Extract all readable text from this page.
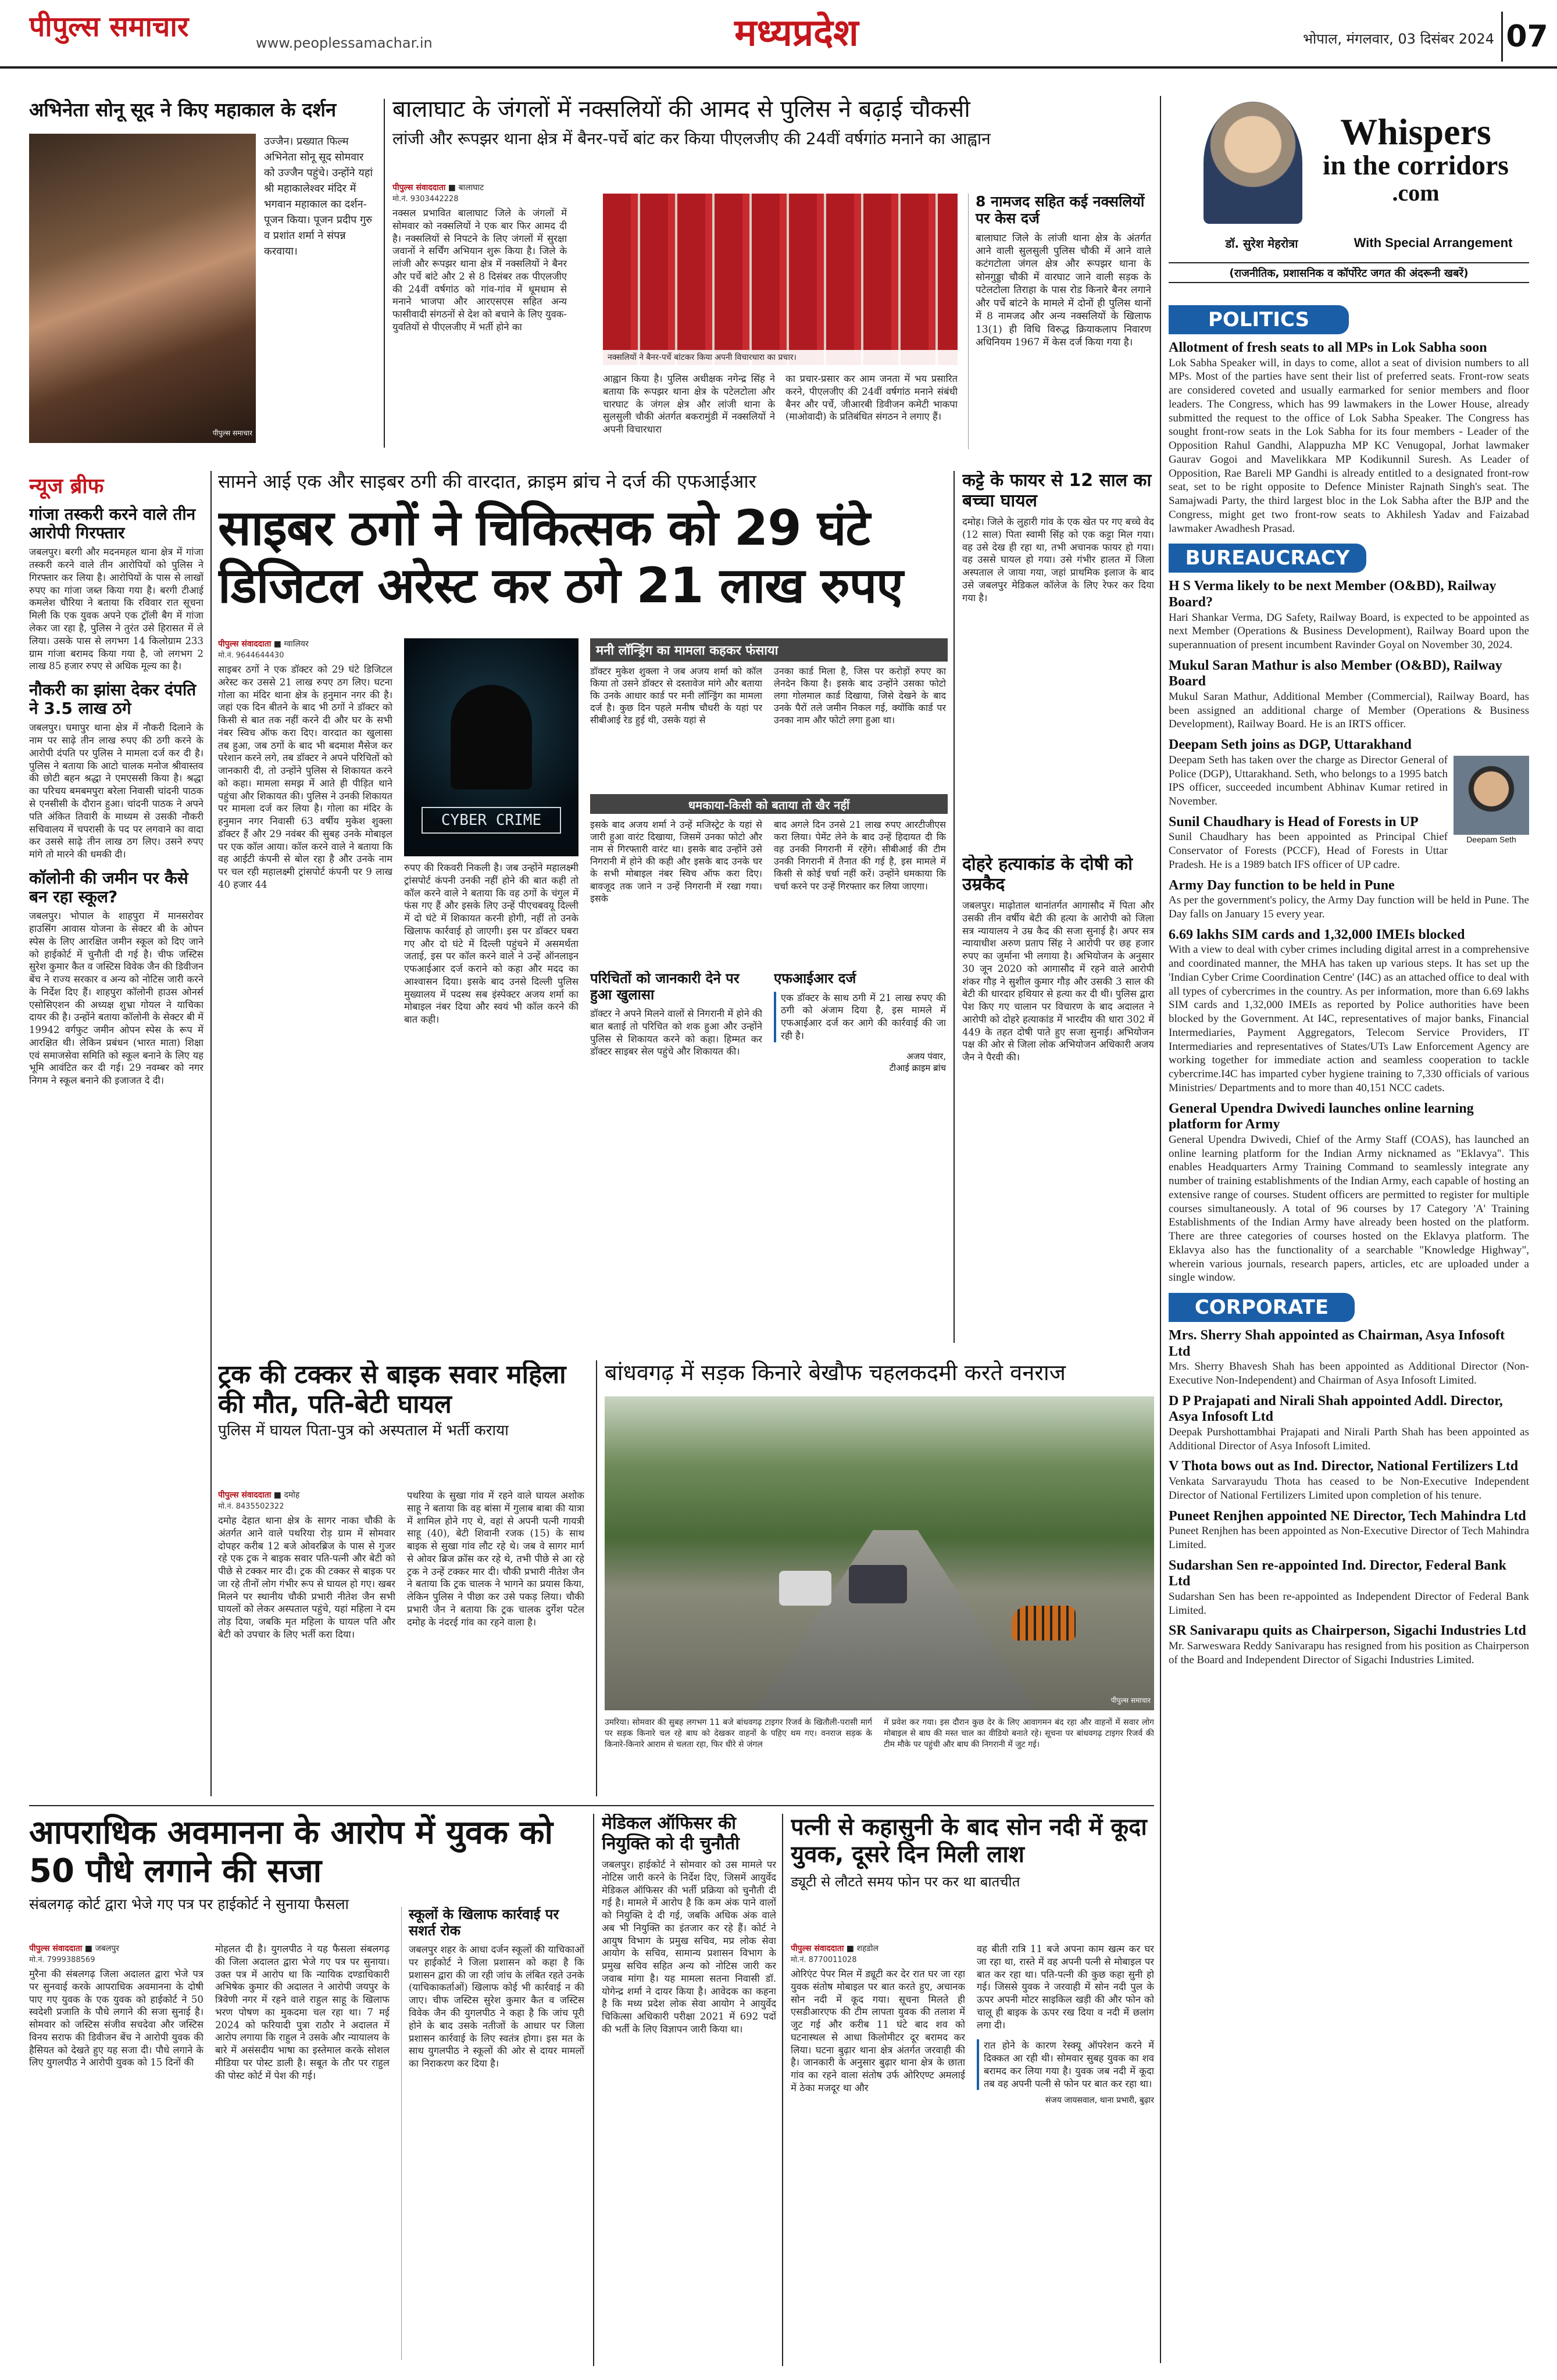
पीपुल्स समाचार	www.peoplessamachar.in	मध्यप्रदेश	भोपाल, मंगलवार, 03 दिसंबर 2024 07
अभिनेता सोनू सूद ने किए महाकाल के दर्शन
पीपुल्स समाचार
उज्जैन। प्रख्यात फिल्म अभिनेता सोनू सूद सोमवार को उज्जैन पहुंचे। उन्होंने यहां श्री महाकालेश्वर मंदिर में भगवान महाकाल का दर्शन-पूजन किया। पूजन प्रदीप गुरु व प्रशांत शर्मा ने संपन्न करवाया।
बालाघाट के जंगलों में नक्सलियों की आमद से पुलिस ने बढ़ाई चौकसी
लांजी और रूपझर थाना क्षेत्र में बैनर-पर्चे बांट कर किया पीएलजीए की 24वीं वर्षगांठ मनाने का आह्वान
पीपुल्स संवाददाता ■ बालाघाट
मो.नं. 9303442228
नक्सल प्रभावित बालाघाट जिले के जंगलों में सोमवार को नक्सलियों ने एक बार फिर आमद दी है। नक्सलियों से निपटने के लिए जंगलों में सुरक्षा जवानों ने सर्चिंग अभियान शुरू किया है। जिले के लांजी और रूपझर थाना क्षेत्र में नक्सलियों ने बैनर और पर्चे बांटे और 2 से 8 दिसंबर तक पीएलजीए की 24वीं वर्षगांठ को गांव-गांव में धूमधाम से मनाने भाजपा और आरएसएस सहित अन्य फासीवादी संगठनों से देश को बचाने के लिए युवक-युवतियों से पीएलजीए में भर्ती होने का
नक्सलियों ने बैनर-पर्चे बांटकर किया अपनी विचारधारा का प्रचार।
आह्वान किया है। पुलिस अधीक्षक नगेन्द्र सिंह ने बताया कि रूपझर थाना क्षेत्र के पटेलटोला और चारघाट के जंगल क्षेत्र और लांजी थाना के सुलसुली चौकी अंतर्गत बकरामुंडी में नक्सलियों ने अपनी विचारधारा
का प्रचार-प्रसार कर आम जनता में भय प्रसारित करने, पीएलजीए की 24वीं वर्षगांठ मनाने संबंधी बैनर और पर्चे, जीआरबी डिवीजन कमेटी भाकपा (माओवादी) के प्रतिबंधित संगठन ने लगाए हैं।
8 नामजद सहित कई नक्सलियों पर केस दर्ज
बालाघाट जिले के लांजी थाना क्षेत्र के अंतर्गत आने वाली सुलसुली पुलिस चौकी में आने वाले कटंगटोला जंगल क्षेत्र और रूपझर थाना के सोनगुड्डा चौकी में वारघाट जाने वाली सड़क के पटेलटोला तिराहा के पास रोड किनारे बैनर लगाने और पर्चे बांटने के मामले में दोनों ही पुलिस थानों में 8 नामजद और अन्य नक्सलियों के खिलाफ 13(1) ही विधि विरुद्ध क्रियाकलाप निवारण अधिनियम 1967 में केस दर्ज किया गया है।
Whispers
in the corridors
.com
डॉ. सुरेश मेहरोत्रा	With Special Arrangement
(राजनीतिक, प्रशासनिक व कॉर्पोरेट जगत की अंदरूनी खबरें)
POLITICS
Allotment of fresh seats to all MPs in Lok Sabha soon
Lok Sabha Speaker will, in days to come, allot a seat of division numbers to all MPs. Most of the parties have sent their list of preferred seats. Front-row seats are considered coveted and usually earmarked for senior members and floor leaders. The Congress, which has 99 lawmakers in the Lower House, already submitted the request to the office of Lok Sabha Speaker. The Congress has sought front-row seats in the Lok Sabha for its four members - Leader of the Opposition Rahul Gandhi, Alappuzha MP KC Venugopal, Jorhat lawmaker Gaurav Gogoi and Mavelikkara MP Kodikunnil Suresh. As Leader of Opposition, Rae Bareli MP Gandhi is already entitled to a designated front-row seat, set to be right opposite to Defence Minister Rajnath Singh's seat. The Samajwadi Party, the third largest bloc in the Lok Sabha after the BJP and the Congress, might get two front-row seats to Akhilesh Yadav and Faizabad lawmaker Awadhesh Prasad.
BUREAUCRACY
H S Verma likely to be next Member (O&BD), Railway Board?
Hari Shankar Verma, DG Safety, Railway Board, is expected to be appointed as next Member (Operations & Business Development), Railway Board upon the superannuation of present incumbent Ravinder Goyal on November 30, 2024.
Mukul Saran Mathur is also Member (O&BD), Railway Board
Mukul Saran Mathur, Additional Member (Commercial), Railway Board, has been assigned an additional charge of Member (Operations & Business Development), Railway Board. He is an IRTS officer.
Deepam Seth joins as DGP, Uttarakhand
Deepam Seth
Deepam Seth has taken over the charge as Director General of Police (DGP), Uttarakhand. Seth, who belongs to a 1995 batch IPS officer, succeeded incumbent Abhinav Kumar retired in November.
Sunil Chaudhary is Head of Forests in UP
Sunil Chaudhary has been appointed as Principal Chief Conservator of Forests (PCCF), Head of Forests in Uttar Pradesh. He is a 1989 batch IFS officer of UP cadre.
Army Day function to be held in Pune
As per the government's policy, the Army Day function will be held in Pune. The Day falls on January 15 every year.
6.69 lakhs SIM cards and 1,32,000 IMEIs blocked
With a view to deal with cyber crimes including digital arrest in a comprehensive and coordinated manner, the MHA has taken up various steps. It has set up the 'Indian Cyber Crime Coordination Centre' (I4C) as an attached office to deal with all types of cybercrimes in the country. As per information, more than 6.69 lakhs SIM cards and 1,32,000 IMEIs as reported by Police authorities have been blocked by the Government. At I4C, representatives of major banks, Financial Intermediaries, Payment Aggregators, Telecom Service Providers, IT Intermediaries and representatives of States/UTs Law Enforcement Agency are working together for immediate action and seamless cooperation to tackle cybercrime.I4C has imparted cyber hygiene training to 7,330 officials of various Ministries/ Departments and to more than 40,151 NCC cadets.
General Upendra Dwivedi launches online learning platform for Army
General Upendra Dwivedi, Chief of the Army Staff (COAS), has launched an online learning platform for the Indian Army nicknamed as "Eklavya". This enables Headquarters Army Training Command to seamlessly integrate any number of training establishments of the Indian Army, each capable of hosting an extensive range of courses. Student officers are permitted to register for multiple courses simultaneously. A total of 96 courses by 17 Category 'A' Training Establishments of the Indian Army have already been hosted on the platform. There are three categories of courses hosted on the Eklavya platform. The Eklavya also has the functionality of a searchable "Knowledge Highway", wherein various journals, research papers, articles, etc are uploaded under a single window.
CORPORATE
Mrs. Sherry Shah appointed as Chairman, Asya Infosoft Ltd
Mrs. Sherry Bhavesh Shah has been appointed as Additional Director (Non-Executive Non-Independent) and Chairman of Asya Infosoft Limited.
D P Prajapati and Nirali Shah appointed Addl. Director, Asya Infosoft Ltd
Deepak Purshottambhai Prajapati and Nirali Parth Shah has been appointed as Additional Director of Asya Infosoft Limited.
V Thota bows out as Ind. Director, National Fertilizers Ltd
Venkata Sarvarayudu Thota has ceased to be Non-Executive Independent Director of National Fertilizers Limited upon completion of his tenure.
Puneet Renjhen appointed NE Director, Tech Mahindra Ltd
Puneet Renjhen has been appointed as Non-Executive Director of Tech Mahindra Limited.
Sudarshan Sen re-appointed Ind. Director, Federal Bank Ltd
Sudarshan Sen has been re-appointed as Independent Director of Federal Bank Limited.
SR Sanivarapu quits as Chairperson, Sigachi Industries Ltd
Mr. Sarweswara Reddy Sanivarapu has resigned from his position as Chairperson of the Board and Independent Director of Sigachi Industries Limited.
न्यूज ब्रीफ
गांजा तस्करी करने वाले तीन आरोपी गिरफ्तार
जबलपुर। बरगी और मदनमहल थाना क्षेत्र में गांजा तस्करी करने वाले तीन आरोपियों को पुलिस ने गिरफ्तार कर लिया है। आरोपियों के पास से लाखों रुपए का गांजा जब्त किया गया है। बरगी टीआई कमलेश चौरिया ने बताया कि रविवार रात सूचना मिली कि एक युवक अपने एक ट्रॉली बैग में गांजा लेकर जा रहा है, पुलिस ने तुरंत उसे हिरासत में ले लिया। उसके पास से लगभग 14 किलोग्राम 233 ग्राम गांजा बरामद किया गया है, जो लगभग 2 लाख 85 हजार रुपए से अधिक मूल्य का है।
नौकरी का झांसा देकर दंपति ने 3.5 लाख ठगे
जबलपुर। घमापुर थाना क्षेत्र में नौकरी दिलाने के नाम पर साढ़े तीन लाख रुपए की ठगी करने के आरोपी दंपति पर पुलिस ने मामला दर्ज कर दी है। पुलिस ने बताया कि आटो चालक मनोज श्रीवास्तव की छोटी बहन श्रद्धा ने एमएससी किया है। श्रद्धा का परिचय बमबमपुरा बरेला निवासी चांदनी पाठक से एनसीसी के दौरान हुआ। चांदनी पाठक ने अपने पति अंकित तिवारी के माध्यम से उसकी नौकरी सचिवालय में चपरासी के पद पर लगवाने का वादा कर उससे साढ़े तीन लाख ठग लिए। उसने रुपए मांगे तो मारने की धमकी दी।
कॉलोनी की जमीन पर कैसे बन रहा स्कूल?
जबलपुर। भोपाल के शाहपुरा में मानसरोवर हाउसिंग आवास योजना के सेक्टर बी के ओपन स्पेस के लिए आरक्षित जमीन स्कूल को दिए जाने को हाईकोर्ट में चुनौती दी गई है। चीफ जस्टिस सुरेश कुमार कैत व जस्टिस विवेक जैन की डिवीजन बेंच ने राज्य सरकार व अन्य को नोटिस जारी करने के निर्देश दिए हैं। शाहपुरा कॉलोनी हाउस ओनर्स एसोसिएशन की अध्यक्ष शुभ्रा गोयल ने याचिका दायर की है। उन्होंने बताया कॉलोनी के सेक्टर बी में 19942 वर्गफुट जमीन ओपन स्पेस के रूप में आरक्षित थी। लेकिन प्रबंधन (भारत माता) शिक्षा एवं समाजसेवा समिति को स्कूल बनाने के लिए यह भूमि आवंटित कर दी गई। 29 नवम्बर को नगर निगम ने स्कूल बनाने की इजाजत दे दी।
सामने आई एक और साइबर ठगी की वारदात, क्राइम ब्रांच ने दर्ज की एफआईआर
साइबर ठगों ने चिकित्सक को 29 घंटे डिजिटल अरेस्ट कर ठगे 21 लाख रुपए
पीपुल्स संवाददाता ■ ग्वालियर
मो.नं. 9644644430
साइबर ठगों ने एक डॉक्टर को 29 घंटे डिजिटल अरेस्ट कर उससे 21 लाख रुपए ठग लिए। घटना गोला का मंदिर थाना क्षेत्र के हनुमान नगर की है। जहां एक दिन बीतने के बाद भी ठगों ने डॉक्टर को किसी से बात तक नहीं करने दी और घर के सभी नंबर स्विच ऑफ करा दिए। वारदात का खुलासा तब हुआ, जब ठगों के बाद भी बदमाश मैसेज कर परेशान करने लगे, तब डॉक्टर ने अपने परिचितों को जानकारी दी, तो उन्होंने पुलिस से शिकायत करने को कहा। मामला समझ में आते ही पीड़ित थाने पहुंचा और शिकायत की। पुलिस ने उनकी शिकायत पर मामला दर्ज कर लिया है। गोला का मंदिर के हनुमान नगर निवासी 63 वर्षीय मुकेश शुक्ला डॉक्टर हैं और 29 नवंबर की सुबह उनके मोबाइल पर एक कॉल आया। कॉल करने वाले ने बताया कि वह आईटी कंपनी से बोल रहा है और उनके नाम पर चल रही महालक्ष्मी ट्रांसपोर्ट कंपनी पर 9 लाख 40 हजार 44
CYBER CRIME
रुपए की रिकवरी निकली है। जब उन्होंने महालक्ष्मी ट्रांसपोर्ट कंपनी उनकी नहीं होने की बात कही तो कॉल करने वाले ने बताया कि वह ठगों के चंगुल में फंस गए हैं और इसके लिए उन्हें पीएचबवयू दिल्ली में दो घंटे में शिकायत करनी होगी, नहीं तो उनके खिलाफ कार्रवाई हो जाएगी। इस पर डॉक्टर घबरा गए और दो घंटे में दिल्ली पहुंचने में असमर्थता जताई, इस पर कॉल करने वाले ने उन्हें ऑनलाइन एफआईआर दर्ज कराने को कहा और मदद का आश्वासन दिया। इसके बाद उनसे दिल्ली पुलिस मुख्यालय में पदस्थ सब इंस्पेक्टर अजय शर्मा का मोबाइल नंबर दिया और स्वयं भी कॉल करने की बात कही।
मनी लॉन्ड्रिंग का मामला कहकर फंसाया
डॉक्टर मुकेश शुक्ला ने जब अजय शर्मा को कॉल किया तो उसने डॉक्टर से दस्तावेज मांगे और बताया कि उनके आधार कार्ड पर मनी लॉन्ड्रिंग का मामला दर्ज है। कुछ दिन पहले मनीष चौधरी के यहां पर सीबीआई रेड हुई थी, उसके यहां से
उनका कार्ड मिला है, जिस पर करोड़ों रुपए का लेनदेन किया है। इसके बाद उन्होंने उसका फोटो लगा गोलमाल कार्ड दिखाया, जिसे देखने के बाद उनके पैरों तले जमीन निकल गई, क्योंकि कार्ड पर उनका नाम और फोटो लगा हुआ था।
धमकाया-किसी को बताया तो खैर नहीं
इसके बाद अजय शर्मा ने उन्हें मजिस्ट्रेट के यहां से जारी हुआ वारंट दिखाया, जिसमें उनका फोटो और नाम से गिरफ्तारी वारंट था। इसके बाद उन्होंने उसे निगरानी में होने की कही और इसके बाद उनके घर के सभी मोबाइल नंबर स्विच ऑफ करा दिए। बावजूद तक जाने न उन्हें निगरानी में रखा गया। इसके
बाद अगले दिन उनसे 21 लाख रुपए आरटीजीएस करा लिया। पेमेंट लेने के बाद उन्हें हिदायत दी कि वह उनकी निगरानी में रहेंगे। सीबीआई की टीम उनकी निगरानी में तैनात की गई है, इस मामले में किसी से कोई चर्चा नहीं करें। उन्होंने धमकाया कि चर्चा करने पर उन्हें गिरफ्तार कर लिया जाएगा।
परिचितों को जानकारी देने पर हुआ खुलासा
डॉक्टर ने अपने मिलने वालों से निगरानी में होने की बात बताई तो परिचित को शक हुआ और उन्होंने पुलिस से शिकायत करने को कहा। हिम्मत कर डॉक्टर साइबर सेल पहुंचे और शिकायत की।
एफआईआर दर्ज
एक डॉक्टर के साथ ठगी में 21 लाख रुपए की ठगी को अंजाम दिया है, इस मामले में एफआईआर दर्ज कर आगे की कार्रवाई की जा रही है।
अजय पंवार,
टीआई क्राइम ब्रांच
कट्टे के फायर से 12 साल का बच्चा घायल
दमोह। जिले के लुहारी गांव के एक खेत पर गए बच्चे वेद (12 साल) पिता स्वामी सिंह को एक कट्टा मिल गया। वह उसे देख ही रहा था, तभी अचानक फायर हो गया। वह उससे घायल हो गया। उसे गंभीर हालत में जिला अस्पताल ले जाया गया, जहां प्राथमिक इलाज के बाद उसे जबलपुर मेडिकल कॉलेज के लिए रेफर कर दिया गया है।
दोहरे हत्याकांड के दोषी को उम्रकैद
जबलपुर। माढ़ोताल थानांतर्गत आगासौद में पिता और उसकी तीन वर्षीय बेटी की हत्या के आरोपी को जिला सत्र न्यायालय ने उम्र कैद की सजा सुनाई है। अपर सत्र न्यायाधीश अरुण प्रताप सिंह ने आरोपी पर छह हजार रुपए का जुर्माना भी लगाया है। अभियोजन के अनुसार 30 जून 2020 को आगासौद में रहने वाले आरोपी शंकर गौड़ ने सुशील कुमार गौड़ और उसकी 3 साल की बेटी की धारदार हथियार से हत्या कर दी थी। पुलिस द्वारा पेश किए गए चालान पर विचारण के बाद अदालत ने आरोपी को दोहरे हत्याकांड में भारदीय की धारा 302 में 449 के तहत दोषी पाते हुए सजा सुनाई। अभियोजन पक्ष की ओर से जिला लोक अभियोजन अधिकारी अजय जैन ने पैरवी की।
ट्रक की टक्कर से बाइक सवार महिला की मौत, पति-बेटी घायल
पुलिस में घायल पिता-पुत्र को अस्पताल में भर्ती कराया
पीपुल्स संवाददाता ■ दमोह
मो.नं. 8435502322
दमोह देहात थाना क्षेत्र के सागर नाका चौकी के अंतर्गत आने वाले पथरिया रोड़ ग्राम में सोमवार दोपहर करीब 12 बजे ओवरब्रिज के पास से गुजर रहे एक ट्रक ने बाइक सवार पति-पत्नी और बेटी को पीछे से टक्कर मार दी। ट्रक की टक्कर से बाइक पर जा रहे तीनों लोग गंभीर रूप से घायल हो गए। खबर मिलने पर स्थानीय चौकी प्रभारी नीतेश जैन सभी घायलों को लेकर अस्पताल पहुंचे, यहां महिला ने दम तोड़ दिया, जबकि मृत महिला के घायल पति और बेटी को उपचार के लिए भर्ती करा दिया।
पथरिया के सुखा गांव में रहने वाले घायल अशोक साहू ने बताया कि वह बांसा में गुलाब बाबा की यात्रा में शामिल होने गए थे, वहां से अपनी पत्नी गायत्री साहू (40), बेटी शिवानी रजक (15) के साथ बाइक से सुखा गांव लौट रहे थे। जब वे सागर मार्ग से ओवर ब्रिज क्रॉस कर रहे थे, तभी पीछे से आ रहे ट्रक ने उन्हें टक्कर मार दी। चौकी प्रभारी नीतेश जैन ने बताया कि ट्रक चालक ने भागने का प्रयास किया, लेकिन पुलिस ने पीछा कर उसे पकड़ लिया। चौकी प्रभारी जैन ने बताया कि ट्रक चालक दुर्गेश पटेल दमोह के नंदरई गांव का रहने वाला है।
बांधवगढ़ में सड़क किनारे बेखौफ चहलकदमी करते वनराज
पीपुल्स समाचार
उमरिया। सोमवार की सुबह लगभग 11 बजे बांधवगढ़ टाइगर रिजर्व के खितौली-परासी मार्ग पर सड़क किनारे चल रहे बाघ को देखकर वाहनों के पहिए थम गए। वनराज सड़क के किनारे-किनारे आराम से चलता रहा, फिर धीरे से जंगल
में प्रवेश कर गया। इस दौरान कुछ देर के लिए आवागमन बंद रहा और वाहनों में सवार लोग मोबाइल से बाघ की मस्त चाल का वीडियो बनाते रहे। सूचना पर बांधवगढ़ टाइगर रिजर्व की टीम मौके पर पहुंची और बाघ की निगरानी में जुट गई।
आपराधिक अवमानना के आरोप में युवक को 50 पौधे लगाने की सजा
संबलगढ़ कोर्ट द्वारा भेजे गए पत्र पर हाईकोर्ट ने सुनाया फैसला
पीपुल्स संवाददाता ■ जबलपुर
मो.नं. 7999388569
मुरैना की संबलगढ़ जिला अदालत द्वारा भेजे पत्र पर सुनवाई करके आपराधिक अवमानना के दोषी पाए गए युवक के एक युवक को हाईकोर्ट ने 50 स्वदेशी प्रजाति के पौधे लगाने की सजा सुनाई है। सोमवार को जस्टिस संजीव सचदेवा और जस्टिस विनय सराफ की डिवीजन बेंच ने आरोपी युवक की हैसियत को देखते हुए यह सजा दी। पौधे लगाने के लिए युगलपीठ ने आरोपी युवक को 15 दिनों की
मोहलत दी है। युगलपीठ ने यह फैसला संबलगढ़ की जिला अदालत द्वारा भेजे गए पत्र पर सुनाया। उक्त पत्र में आरोप था कि न्यायिक दण्डाधिकारी अभिषेक कुमार की अदालत ने आरोपी जयपुर के त्रिवेणी नगर में रहने वाले राहुल साहू के खिलाफ भरण पोषण का मुकदमा चल रहा था। 7 मई 2024 को फरियादी पुत्रा राठौर ने अदालत में आरोप लगाया कि राहुल ने उसके और न्यायालय के बारे में असंसदीय भाषा का इस्तेमाल करके सोशल मीडिया पर पोस्ट डाली है। सबूत के तौर पर राहुल की पोस्ट कोर्ट में पेश की गई।
स्कूलों के खिलाफ कार्रवाई पर सशर्त रोक
जबलपुर शहर के आधा दर्जन स्कूलों की याचिकाओं पर हाईकोर्ट ने जिला प्रशासन को कहा है कि प्रशासन द्वारा की जा रही जांच के लंबित रहते उनके (याचिकाकर्ताओं) खिलाफ कोई भी कार्रवाई न की जाए। चीफ जस्टिस सुरेश कुमार कैत व जस्टिस विवेक जैन की युगलपीठ ने कहा है कि जांच पूरी होने के बाद उसके नतीजों के आधार पर जिला प्रशासन कार्रवाई के लिए स्वतंत्र होगा। इस मत के साथ युगलपीठ ने स्कूलों की ओर से दायर मामलों का निराकरण कर दिया है।
मेडिकल ऑफिसर की नियुक्ति को दी चुनौती
जबलपुर। हाईकोर्ट ने सोमवार को उस मामले पर नोटिस जारी करने के निर्देश दिए, जिसमें आयुर्वेद मेडिकल ऑफिसर की भर्ती प्रक्रिया को चुनौती दी गई है। मामले में आरोप है कि कम अंक पाने वालों को नियुक्ति दे दी गई, जबकि अधिक अंक वाले अब भी नियुक्ति का इंतजार कर रहे हैं। कोर्ट ने आयुष विभाग के प्रमुख सचिव, मप्र लोक सेवा आयोग के सचिव, सामान्य प्रशासन विभाग के प्रमुख सचिव सहित अन्य को नोटिस जारी कर जवाब मांगा है। यह मामला सतना निवासी डॉ. योगेन्द्र शर्मा ने दायर किया है। आवेदक का कहना है कि मध्य प्रदेश लोक सेवा आयोग ने आयुर्वेद चिकित्सा अधिकारी परीक्षा 2021 में 692 पदों की भर्ती के लिए विज्ञापन जारी किया था।
पत्नी से कहासुनी के बाद सोन नदी में कूदा युवक, दूसरे दिन मिली लाश
ड्यूटी से लौटते समय फोन पर कर था बातचीत
पीपुल्स संवाददाता ■ शहडोल
मो.नं. 8770011028
ओरिएंट पेपर मिल में ड्यूटी कर देर रात घर जा रहा युवक संतोष मोबाइल पर बात करते हुए, अचानक सोन नदी में कूद गया। सूचना मिलते ही एसडीआरएफ की टीम लापता युवक की तलाश में जुट गई और करीब 11 घंटे बाद शव को घटनास्थल से आधा किलोमीटर दूर बरामद कर लिया। घटना बुढ़ार थाना क्षेत्र अंतर्गत जरवाही की है। जानकारी के अनुसार बुढ़ार थाना क्षेत्र के छाता गांव का रहने वाला संतोष उर्फ ओरिएण्ट अमलाई में ठेका मजदूर था और
वह बीती रात्रि 11 बजे अपना काम खत्म कर घर जा रहा था, रास्ते में वह अपनी पत्नी से मोबाइल पर बात कर रहा था। पति-पत्नी की कुछ कहा सुनी हो गई। जिससे युवक ने जरवाही में सोन नदी पुल के ऊपर अपनी मोटर साइकिल खड़ी की और फोन को चालू ही बाइक के ऊपर रख दिया व नदी में छलांग लगा दी।
रात होने के कारण रेस्क्यू ऑपरेशन करने में दिक्कत आ रही थी। सोमवार सुबह युवक का शव बरामद कर लिया गया है। युवक जब नदी में कूदा तब वह अपनी पत्नी से फोन पर बात कर रहा था।
संजय जायसवाल, थाना प्रभारी, बुढ़ार
